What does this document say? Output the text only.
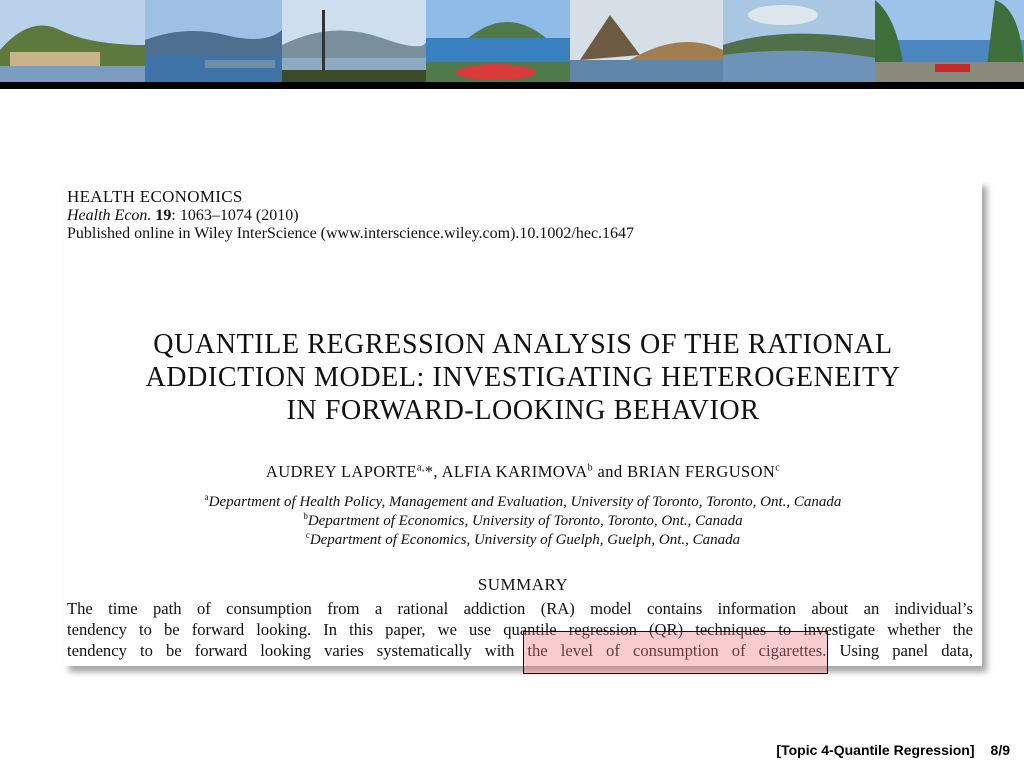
HEALTH ECONOMICS
Health Econ. 19: 1063–1074 (2010)
Published online in Wiley InterScience (www.interscience.wiley.com).10.1002/hec.1647
QUANTILE REGRESSION ANALYSIS OF THE RATIONAL
ADDICTION MODEL: INVESTIGATING HETEROGENEITY
IN FORWARD-LOOKING BEHAVIOR
AUDREY $LAPORTE^{a,}*$, ALFIA KARIMOVA$^b$ and BRIAN FERGUSON$^c$
$^a$Department of Health Policy, Management and Evaluation, University of Toronto, Toronto, Ont., Canada
$^b$Department of Economics, University of Toronto, Toronto, Ont., Canada
$^c$Department of Economics, University of Guelph, Guelph, Ont., Canada
SUMMARY
The time path of consumption from a rational addiction (RA) model contains information about an individual’s
tendency to be forward looking. In this paper, we use quantile regression (QR) techniques to investigate whether the
tendency to be forward looking varies systematically with the level of consumption of cigarettes. Using panel data,
[Topic 4-Quantile Regression] 8/9
